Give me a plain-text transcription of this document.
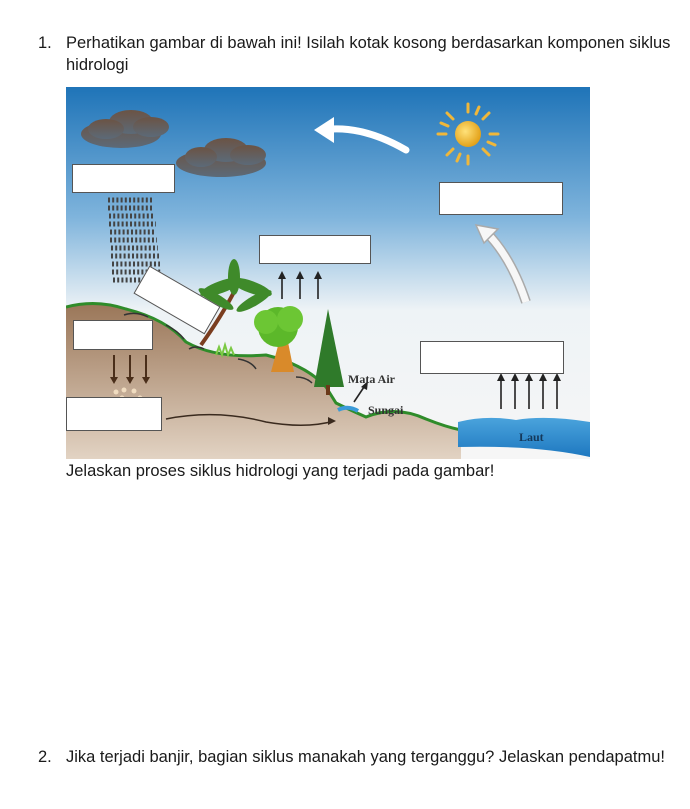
1. Perhatikan gambar di bawah ini! Isilah kotak kosong berdasarkan komponen siklus hidrologi
Mata Air
Sungai
Laut
Jelaskan proses siklus hidrologi yang terjadi pada gambar!
2. Jika terjadi banjir, bagian siklus manakah yang terganggu? Jelaskan pendapatmu!
